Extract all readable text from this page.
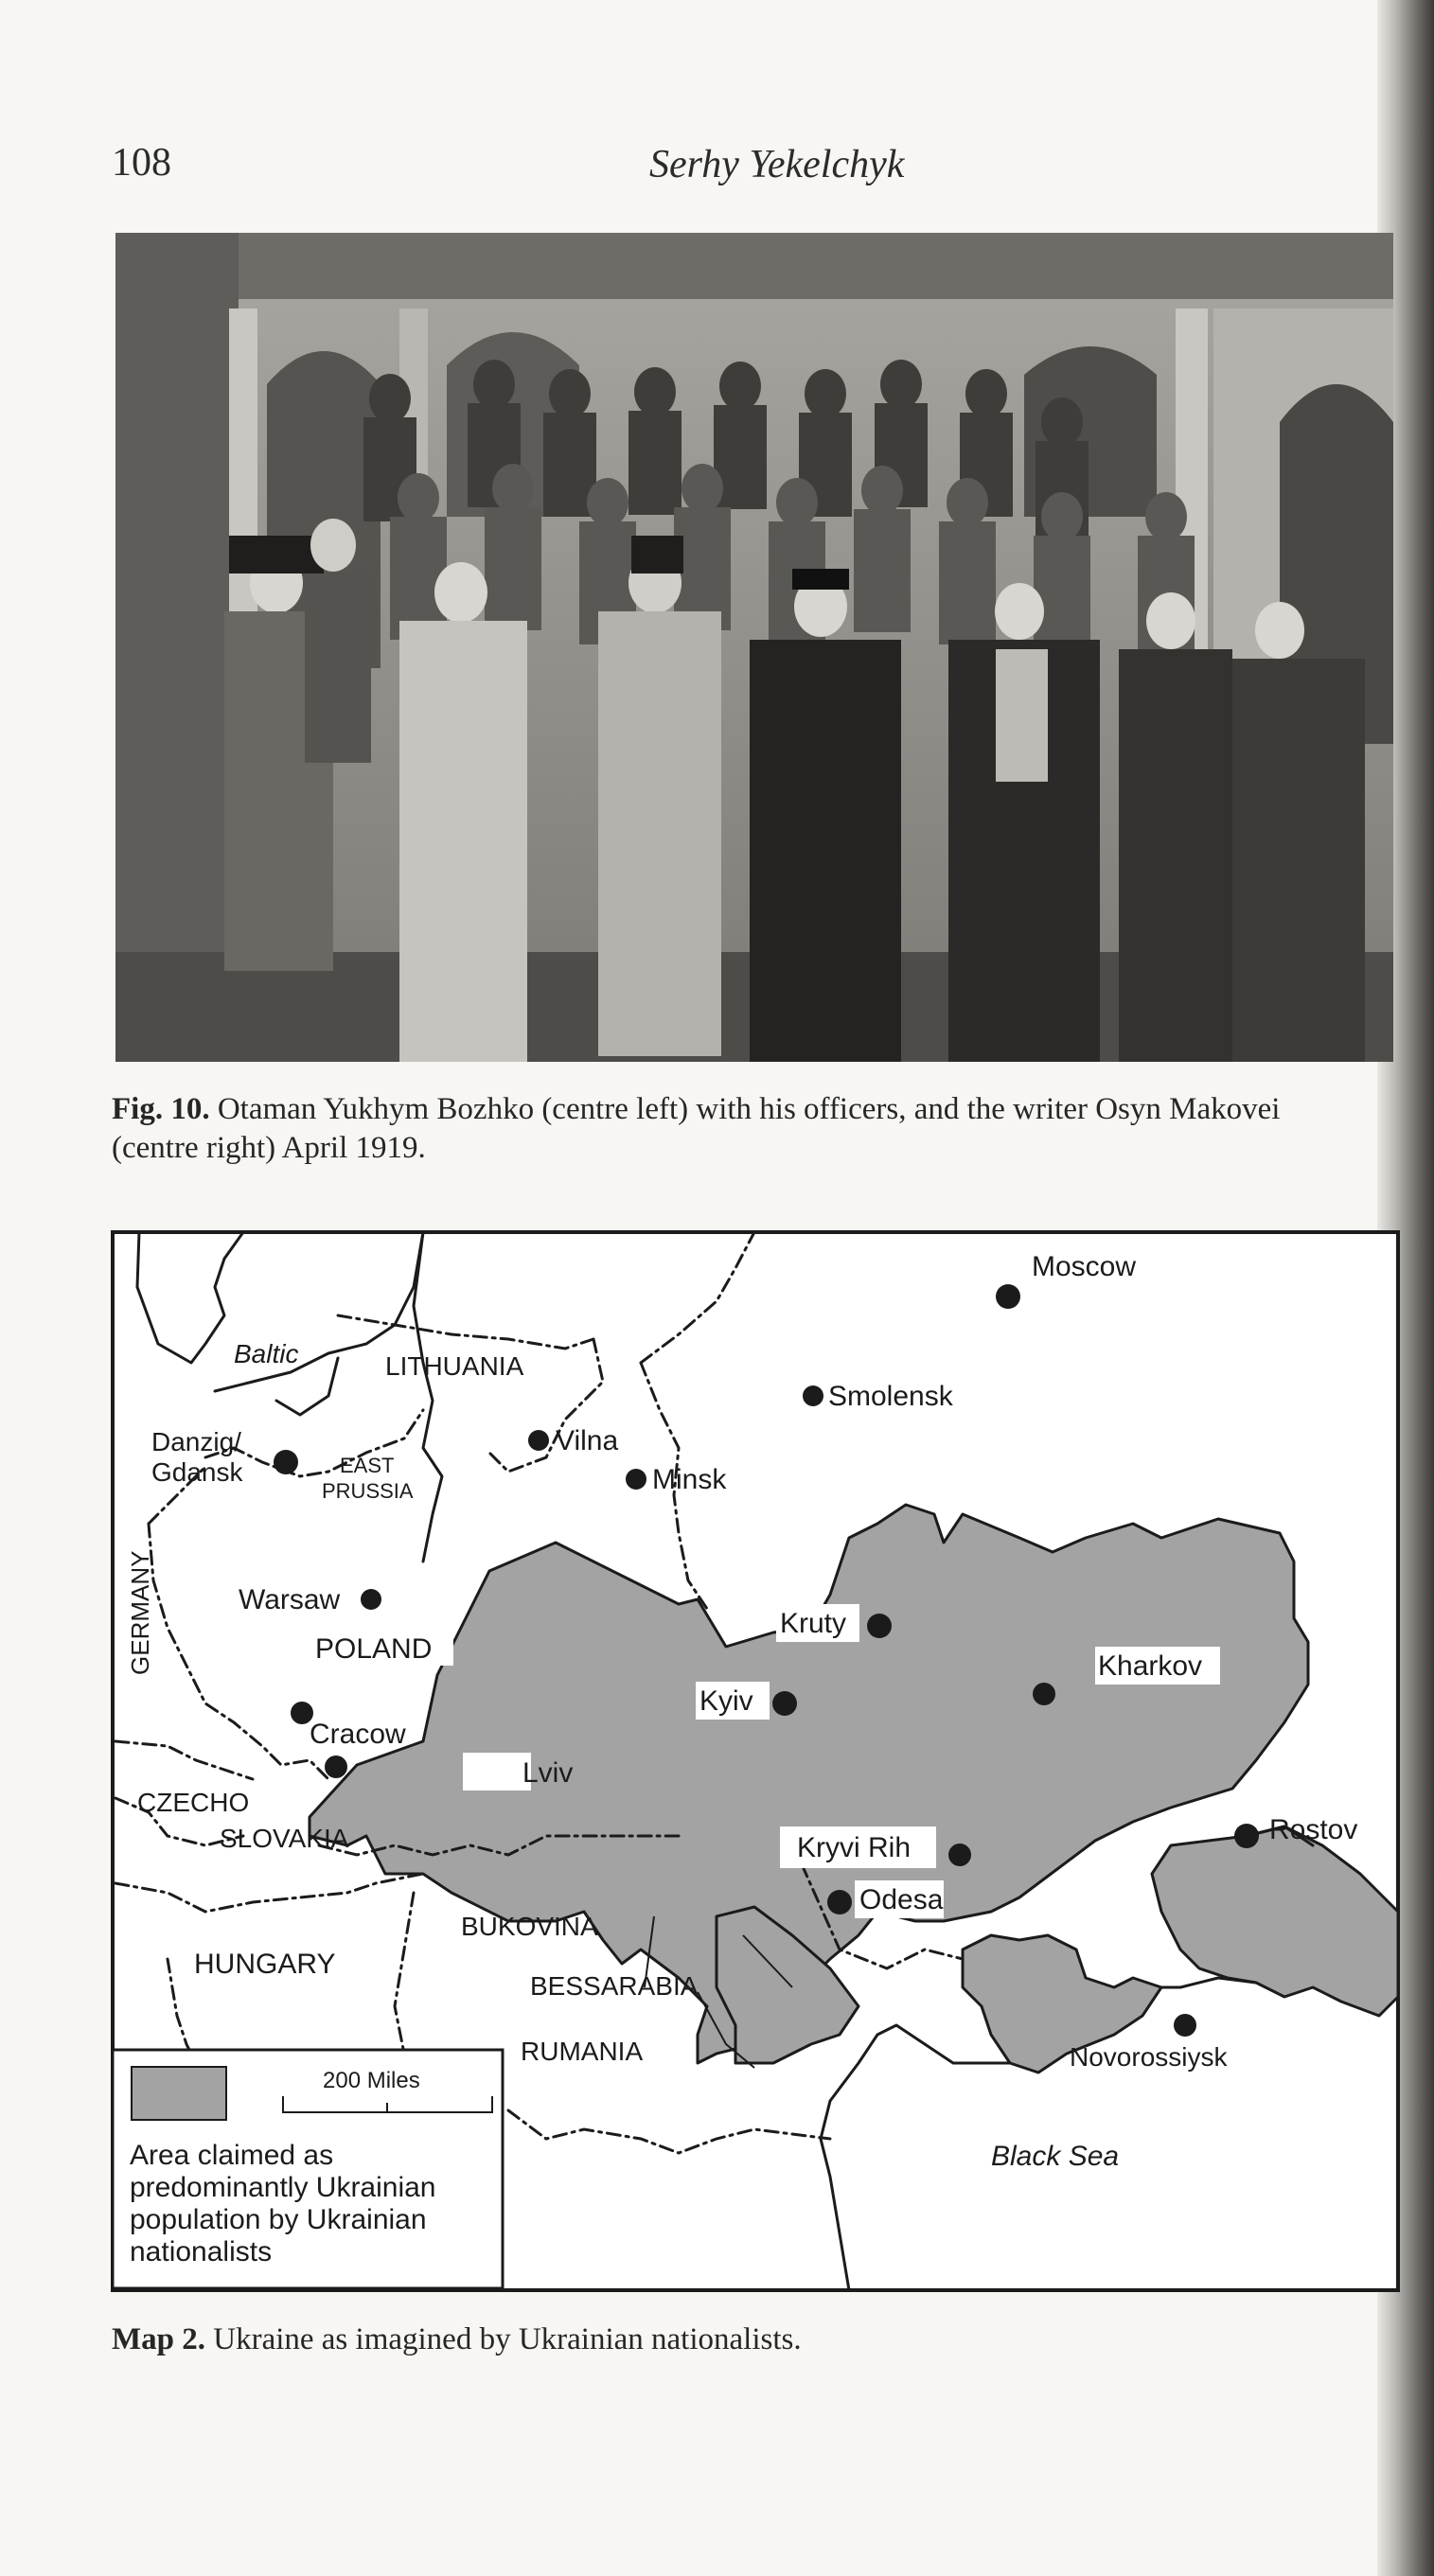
108	Serhy Yekelchyk
Fig. 10. Otaman Yukhym Bozhko (centre left) with his officers, and the writer Osyn Makovei (centre right) April 1919.
Baltic	LITHUANIA
EAST
PRUSSIA
GERMANY	POLAND
CZECHO
SLOVAKIA
HUNGARY
BUKOVINA
BESSARABIA
RUMANIA
Black Sea
Moscow
Smolensk
Danzig/
Gdansk
Vilna
Minsk
Warsaw
Kruty
Kharkov
Kyiv
Cracow
Lviv
Rostov
Kryvi Rih
Odesa
Novorossiysk
200 Miles
Area claimed as
predominantly Ukrainian
population by Ukrainian
nationalists
Map 2. Ukraine as imagined by Ukrainian nationalists.
